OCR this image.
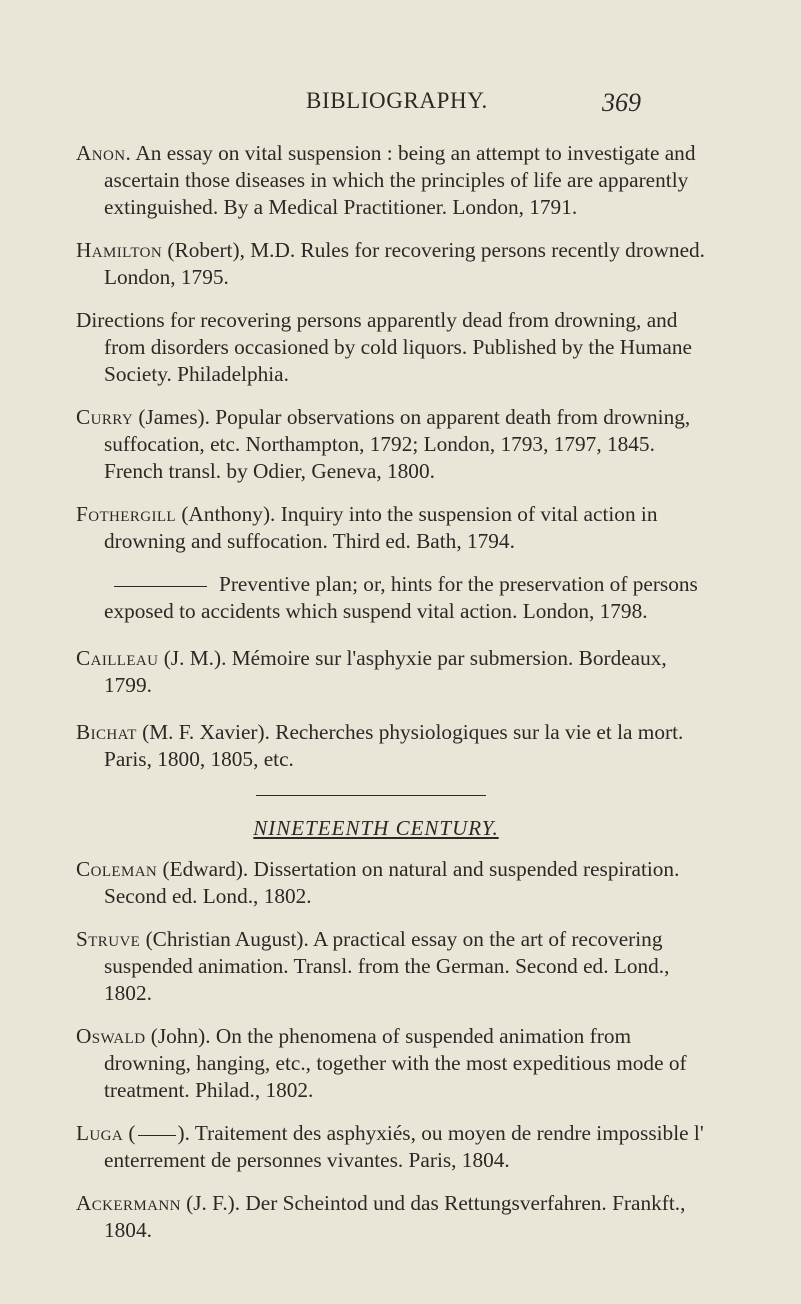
BIBLIOGRAPHY.	369

Anon. An essay on vital suspension : being an attempt to investigate and ascertain those diseases in which the principles of life are apparently extinguished. By a Medical Practitioner. London, 1791.

Hamilton (Robert), M.D. Rules for recovering persons recently drowned. London, 1795.

Directions for recovering persons apparently dead from drowning, and from disorders occasioned by cold liquors. Published by the Humane Society. Philadelphia.

Curry (James). Popular observations on apparent death from drowning, suffocation, etc. Northampton, 1792; London, 1793, 1797, 1845. French transl. by Odier, Geneva, 1800.

Fothergill (Anthony). Inquiry into the suspension of vital action in drowning and suffocation. Third ed. Bath, 1794.

Preventive plan; or, hints for the preservation of persons exposed to accidents which suspend vital action. London, 1798.

Cailleau (J. M.). Mémoire sur l'asphyxie par submersion. Bordeaux, 1799.

Bichat (M. F. Xavier). Recherches physiologiques sur la vie et la mort. Paris, 1800, 1805, etc.

NINETEENTH CENTURY.

Coleman (Edward). Dissertation on natural and suspended respiration. Second ed. Lond., 1802.

Struve (Christian August). A practical essay on the art of recovering suspended animation. Transl. from the German. Second ed. Lond., 1802.

Oswald (John). On the phenomena of suspended animation from drowning, hanging, etc., together with the most expeditious mode of treatment. Philad., 1802.

Luga ( ). Traitement des asphyxiés, ou moyen de rendre impossible l' enterrement de personnes vivantes. Paris, 1804.

Ackermann (J. F.). Der Scheintod und das Rettungsverfahren. Frankft., 1804.
